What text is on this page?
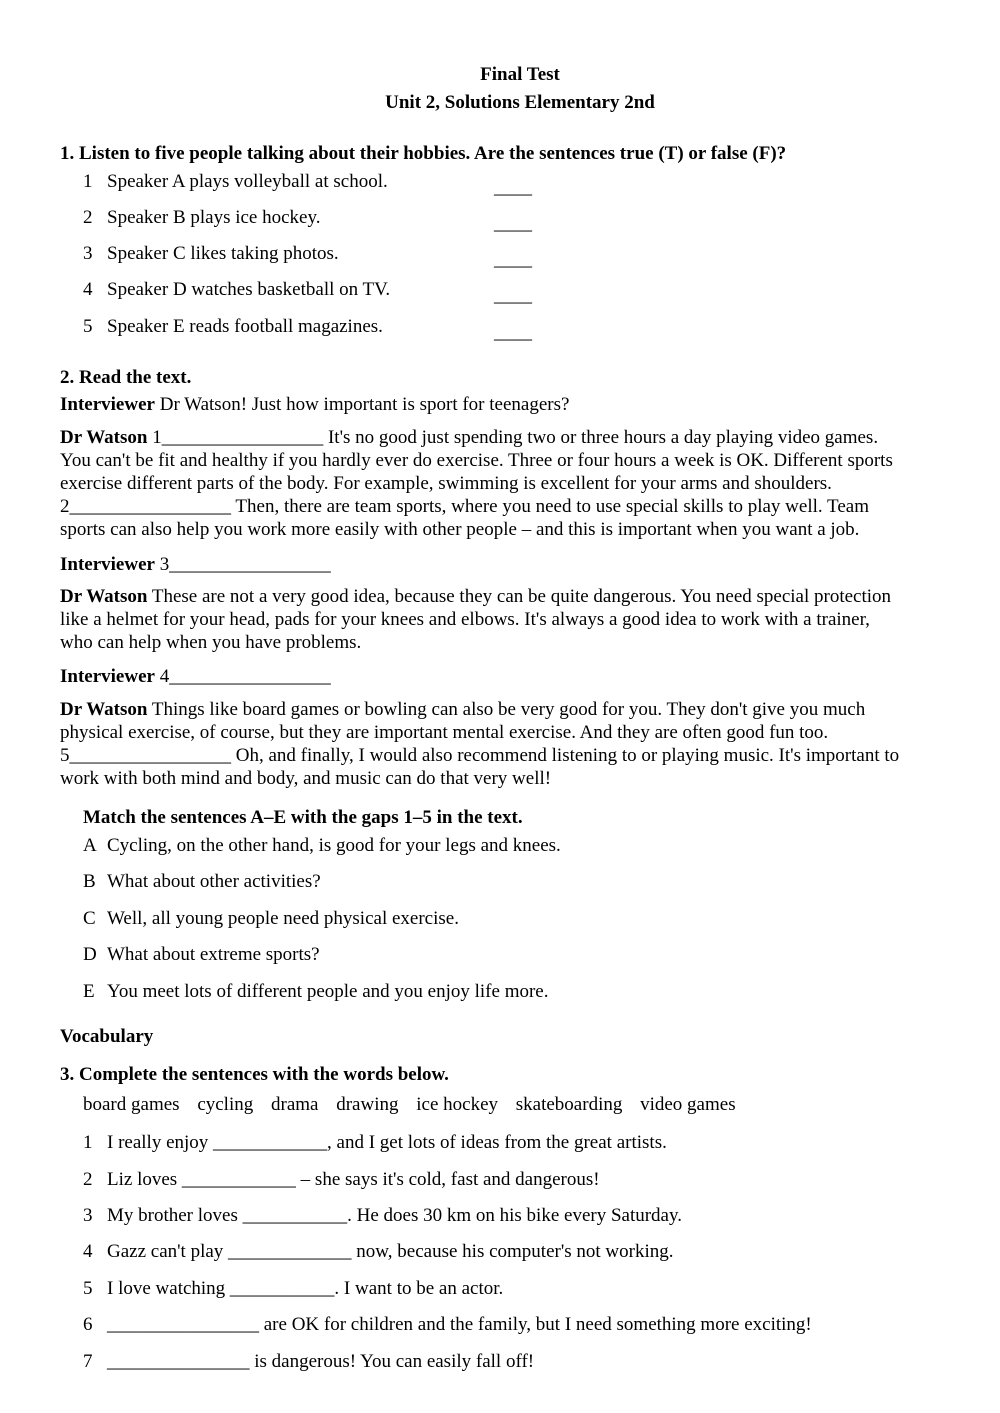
Final Test
Unit 2, Solutions Elementary 2nd
1. Listen to five people talking about their hobbies. Are the sentences true (T) or false (F)?
1 Speaker A plays volleyball at school.	____
2 Speaker B plays ice hockey.	____
3 Speaker C likes taking photos.	____
4 Speaker D watches basketball on TV.	____
5 Speaker E reads football magazines.	____
2. Read the text.
Interviewer Dr Watson! Just how important is sport for teenagers?
Dr Watson 1_________________ It's no good just spending two or three hours a day playing video games.
You can't be fit and healthy if you hardly ever do exercise. Three or four hours a week is OK. Different sports
exercise different parts of the body. For example, swimming is excellent for your arms and shoulders.
2_________________ Then, there are team sports, where you need to use special skills to play well. Team
sports can also help you work more easily with other people – and this is important when you want a job.
Interviewer 3_________________
Dr Watson These are not a very good idea, because they can be quite dangerous. You need special protection
like a helmet for your head, pads for your knees and elbows. It's always a good idea to work with a trainer,
who can help when you have problems.
Interviewer 4_________________
Dr Watson Things like board games or bowling can also be very good for you. They don't give you much
physical exercise, of course, but they are important mental exercise. And they are often good fun too.
5_________________ Oh, and finally, I would also recommend listening to or playing music. It's important to
work with both mind and body, and music can do that very well!
Match the sentences A–E with the gaps 1–5 in the text.
A Cycling, on the other hand, is good for your legs and knees.
B What about other activities?
C Well, all young people need physical exercise.
D What about extreme sports?
E You meet lots of different people and you enjoy life more.
Vocabulary
3. Complete the sentences with the words below.
board games cycling drama drawing ice hockey skateboarding video games
1 I really enjoy ____________, and I get lots of ideas from the great artists.
2 Liz loves ____________ – she says it's cold, fast and dangerous!
3 My brother loves ___________. He does 30 km on his bike every Saturday.
4 Gazz can't play _____________ now, because his computer's not working.
5 I love watching ___________. I want to be an actor.
6 ________________ are OK for children and the family, but I need something more exciting!
7 _______________ is dangerous! You can easily fall off!
